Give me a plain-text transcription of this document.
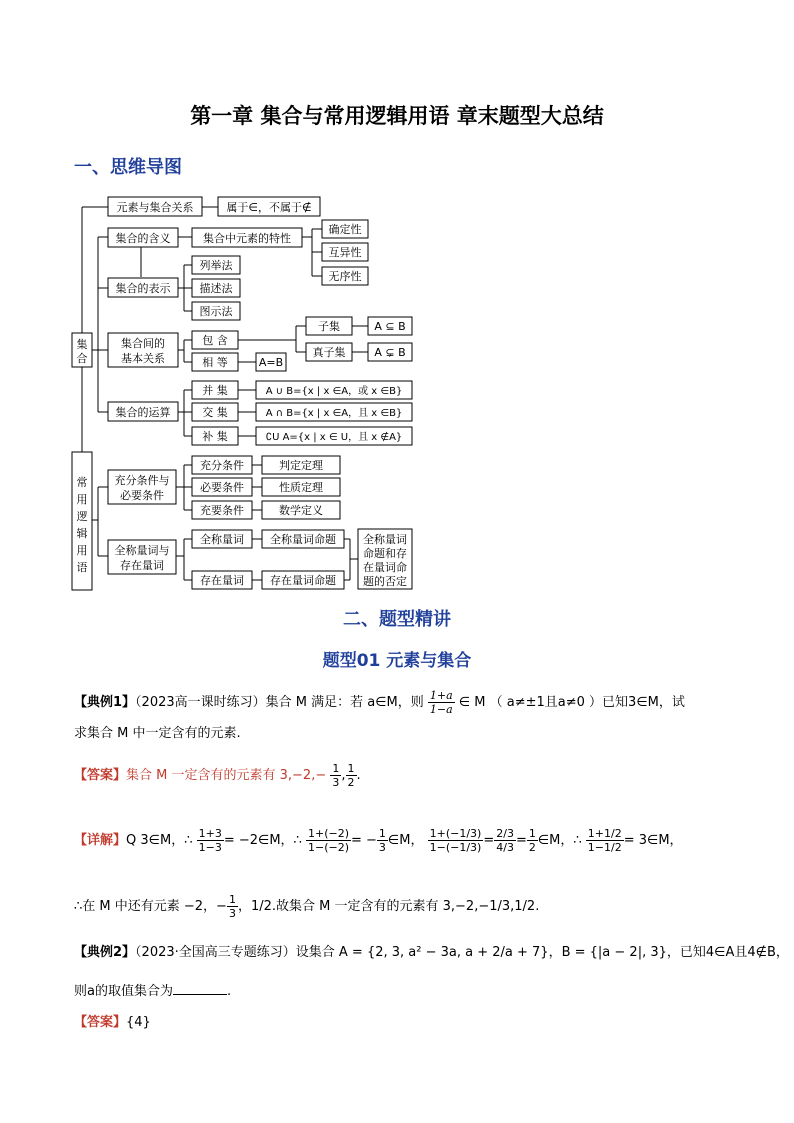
第一章 集合与常用逻辑用语 章末题型大总结
一、思维导图
集
合
常
用
逻
辑
用
语
元素与集合关系	属于∈，不属于∉
集合的含义	集合中元素的特性
确定性
互异性
无序性
集合的表示
列举法
描述法
图示法
集合间的
基本关系
包 含
相 等	A=B
子集
真子集
A ⊆ B
A ⊊ B
集合的运算
并 集
交 集
补 集
A ∪ B={x | x ∈A，或 x ∈B}
A ∩ B={x | x ∈A，且 x ∈B}
∁U A={x | x ∈ U，且 x ∉A}
充分条件与
必要条件
充分条件
必要条件
充要条件
判定定理
性质定理
数学定义
全称量词与
存在量词
全称量词
存在量词
全称量词命题
存在量词命题
全称量词
命题和存
在量词命
题的否定
二、题型精讲
题型01 元素与集合
【典例1】（2023高一课时练习）集合 M 满足：若 a∈M，则 $\frac{1+a}{1-a}$ ∈ M （ a≠±1且a≠0 ）已知3∈M，试
求集合 M 中一定含有的元素.
【答案】集合 M 一定含有的元素有 $3,-2,- \frac{1}{3}$ , $\frac{1}{2}$ .
【详解】Q 3∈M，∴ $\frac{1+3}{1-3}$ = −2∈M，∴ $\frac{1+(-2)}{1-(-2)}$ = − $\frac{1}{3}$ ∈M， $\frac{1+(-1/3)}{1-(-1/3)} = \frac{2/3}{4/3} = \frac{1}{2}$ ∈M，∴ $\frac{1+1/2}{1-1/2}$ = 3∈M，
∴在 M 中还有元素 −2，− $\frac{1}{3}$ ，1/2.故集合 M 一定含有的元素有 3,−2,−1/3,1/2.
【典例2】（2023·全国高三专题练习）设集合 A = {2, 3, a² − 3a, a + 2/a + 7}，B = {|a − 2|, 3}，已知4∈A且4∉B，
则a的取值集合为	.
【答案】{4}
